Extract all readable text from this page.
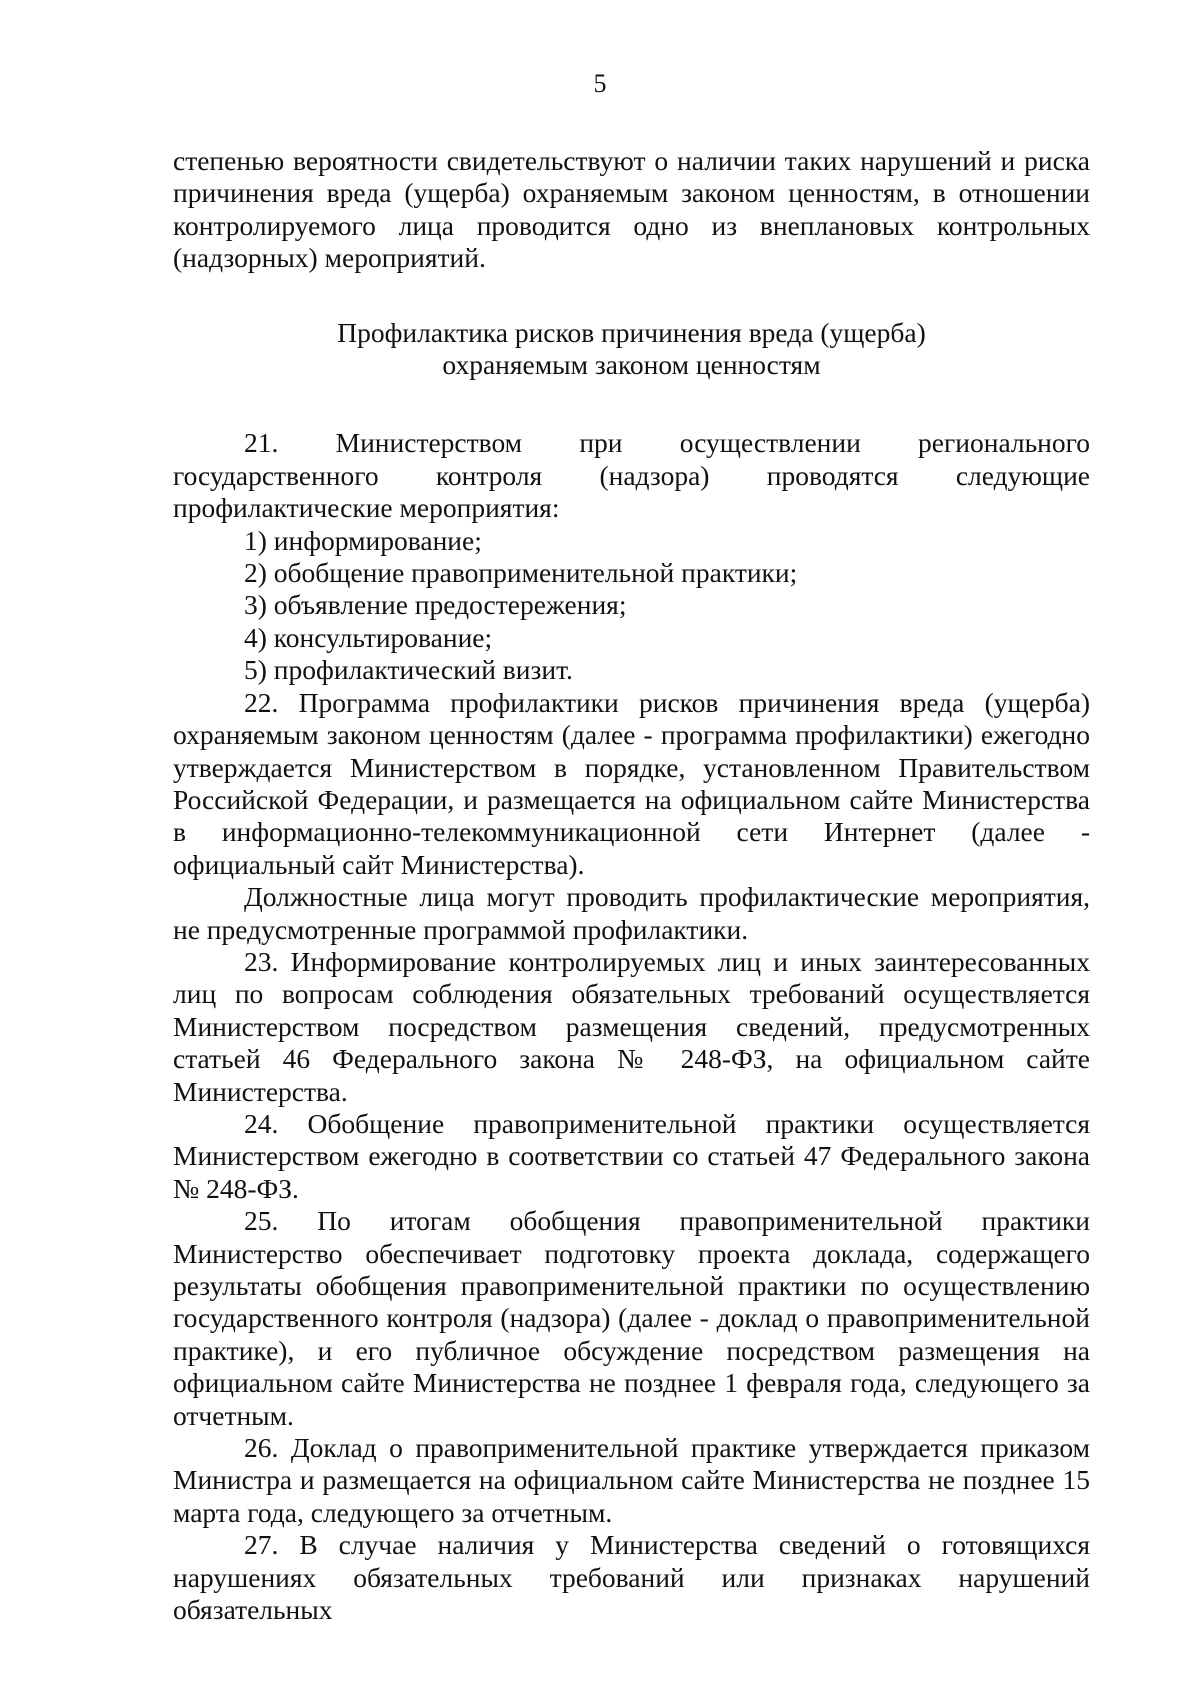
5

степенью вероятности свидетельствуют о наличии таких нарушений и риска причинения вреда (ущерба) охраняемым законом ценностям, в отношении контролируемого лица проводится одно из внеплановых контрольных (надзорных) мероприятий.

Профилактика рисков причинения вреда (ущерба)

охраняемым законом ценностям

21. Министерством при осуществлении регионального государственного контроля (надзора) проводятся следующие профилактические мероприятия:

1) информирование;

2) обобщение правоприменительной практики;

3) объявление предостережения;

4) консультирование;

5) профилактический визит.

22. Программа профилактики рисков причинения вреда (ущерба) охраняемым законом ценностям (далее - программа профилактики) ежегодно утверждается Министерством в порядке, установленном Правительством Российской Федерации, и размещается на официальном сайте Министерства в информационно-телекоммуникационной сети Интернет (далее - официальный сайт Министерства).

Должностные лица могут проводить профилактические мероприятия, не предусмотренные программой профилактики.

23. Информирование контролируемых лиц и иных заинтересованных лиц по вопросам соблюдения обязательных требований осуществляется Министерством посредством размещения сведений, предусмотренных статьей 46 Федерального закона № 248-ФЗ, на официальном сайте Министерства.

24. Обобщение правоприменительной практики осуществляется Министерством ежегодно в соответствии со статьей 47 Федерального закона № 248-ФЗ.

25. По итогам обобщения правоприменительной практики Министерство обеспечивает подготовку проекта доклада, содержащего результаты обобщения правоприменительной практики по осуществлению государственного контроля (надзора) (далее - доклад о правоприменительной практике), и его публичное обсуждение посредством размещения на официальном сайте Министерства не позднее 1 февраля года, следующего за отчетным.

26. Доклад о правоприменительной практике утверждается приказом Министра и размещается на официальном сайте Министерства не позднее 15 марта года, следующего за отчетным.

27. В случае наличия у Министерства сведений о готовящихся нарушениях обязательных требований или признаках нарушений обязательных
